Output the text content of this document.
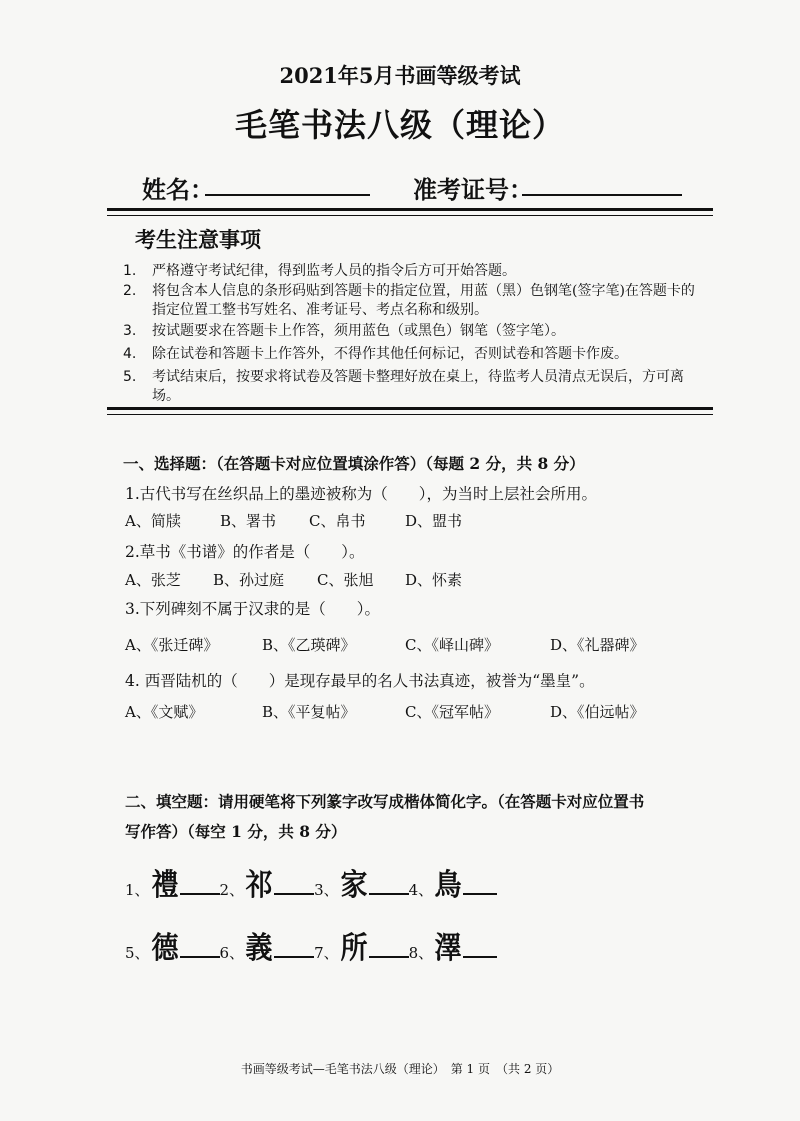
2021年5月书画等级考试
毛笔书法八级（理论）
姓名：	准考证号：
考生注意事项
1.	严格遵守考试纪律，得到监考人员的指令后方可开始答题。
2.	将包含本人信息的条形码贴到答题卡的指定位置，用蓝（黑）色钢笔(签字笔)在答题卡的指定位置工整书写姓名、准考证号、考点名称和级别。
3.	按试题要求在答题卡上作答，须用蓝色（或黑色）钢笔（签字笔）。
4.	除在试卷和答题卡上作答外，不得作其他任何标记，否则试卷和答题卡作废。
5.	考试结束后，按要求将试卷及答题卡整理好放在桌上，待监考人员清点无误后，方可离场。
一、选择题：（在答题卡对应位置填涂作答）（每题 2 分，共 8 分）
1.古代书写在丝织品上的墨迹被称为（　　），为当时上层社会所用。
A、简牍	B、署书 C、帛书	D、盟书
2.草书《书谱》的作者是（　　）。
A、张芝 B、孙过庭 C、张旭 D、怀素
3.下列碑刻不属于汉隶的是（　　）。
A、《张迁碑》	B、《乙瑛碑》	C、《峄山碑》	D、《礼器碑》
4. 西晋陆机的（　　）是现存最早的名人书法真迹，被誉为“墨皇”。
A、《文赋》	B、《平复帖》	C、《冠军帖》	D、《伯远帖》
二、填空题：请用硬笔将下列篆字改写成楷体简化字。（在答题卡对应位置书
写作答）（每空 1 分，共 8 分）
1、禮	2、祁	3、家	4、鳥
5、德	6、義	7、所	8、澤
书画等级考试—毛笔书法八级（理论）　第 1 页　（共 2 页）
